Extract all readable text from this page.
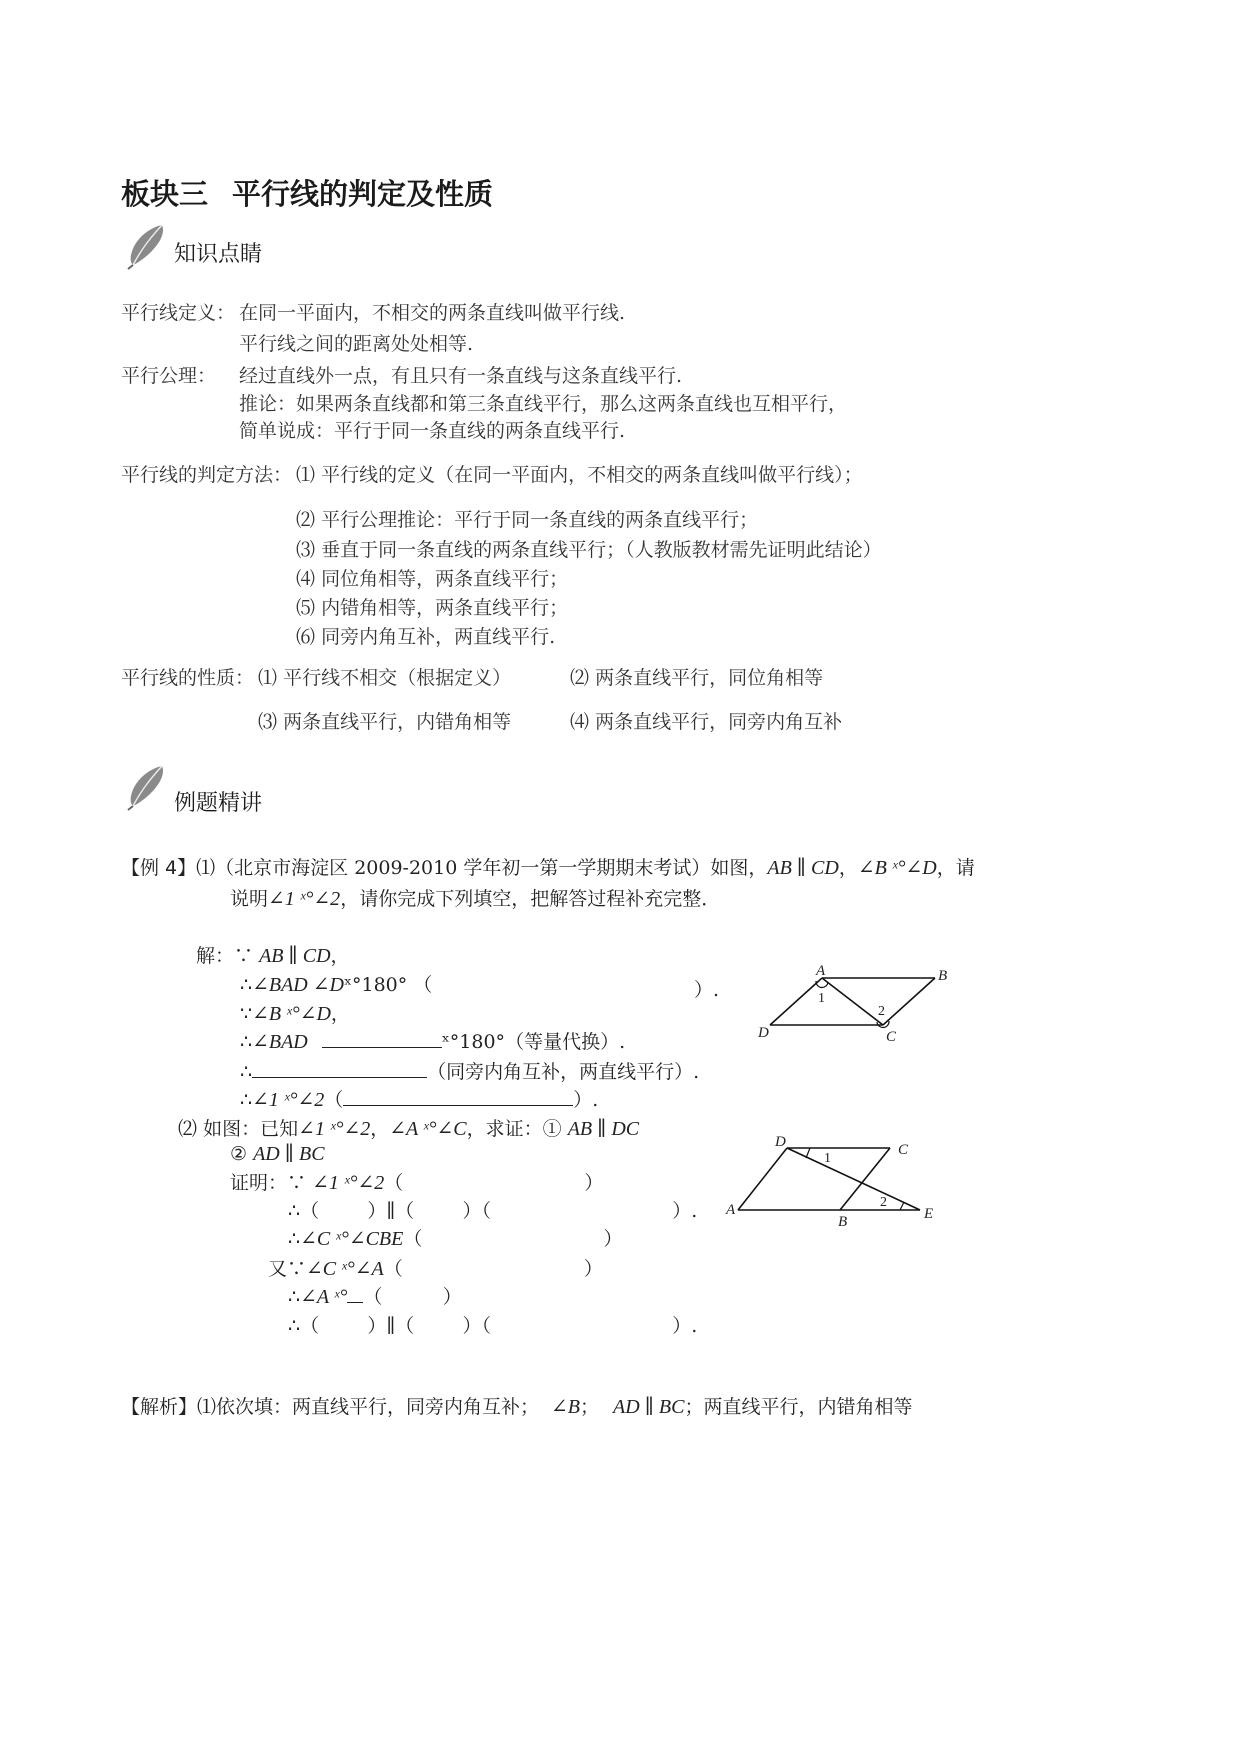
板块三 平行线的判定及性质
知识点睛
平行线定义： 在同一平面内，不相交的两条直线叫做平行线.
平行线之间的距离处处相等.
平行公理： 经过直线外一点，有且只有一条直线与这条直线平行.
推论：如果两条直线都和第三条直线平行，那么这两条直线也互相平行，
简单说成：平行于同一条直线的两条直线平行.
平行线的判定方法： ⑴ 平行线的定义（在同一平面内，不相交的两条直线叫做平行线）；
⑵ 平行公理推论：平行于同一条直线的两条直线平行；
⑶ 垂直于同一条直线的两条直线平行；（人教版教材需先证明此结论）
⑷ 同位角相等，两条直线平行；
⑸ 内错角相等，两条直线平行；
⑹ 同旁内角互补，两直线平行.
平行线的性质： ⑴ 平行线不相交（根据定义）	⑵ 两条直线平行，同位角相等
⑶ 两条直线平行，内错角相等	⑷ 两条直线平行，同旁内角互补
例题精讲
【例 4】⑴（北京市海淀区 2009-2010 学年初一第一学期期末考试）如图，AB ∥ CD，∠B ˣ°∠D，请
说明∠1 ˣ°∠2，请你完成下列填空，把解答过程补充完整．
解：∵ AB ∥ CD，
∴∠BAD ∠Dˣ°180° （	）.
∵∠B ˣ°∠D，
∴∠BAD	ˣ°180°（等量代换）.
∴	（同旁内角互补，两直线平行）.
∴∠1 ˣ°∠2（	）.
A	B
C
D
1
2
⑵ 如图：已知∠1 ˣ°∠2，∠A ˣ°∠C，求证：① AB ∥ DC
② AD ∥ BC
证明：∵ ∠1 ˣ°∠2（                              ）
∴（        ）∥（        ）（                              ）.
∴∠C ˣ°∠CBE（                              ）
又∵∠C ˣ°∠A（                              ）
∴∠A ˣ° （          ）
∴（        ）∥（        ）（                              ）.
D	C
A
B	E
1
2
【解析】⑴依次填：两直线平行，同旁内角互补； ∠B； AD ∥ BC；两直线平行，内错角相等
